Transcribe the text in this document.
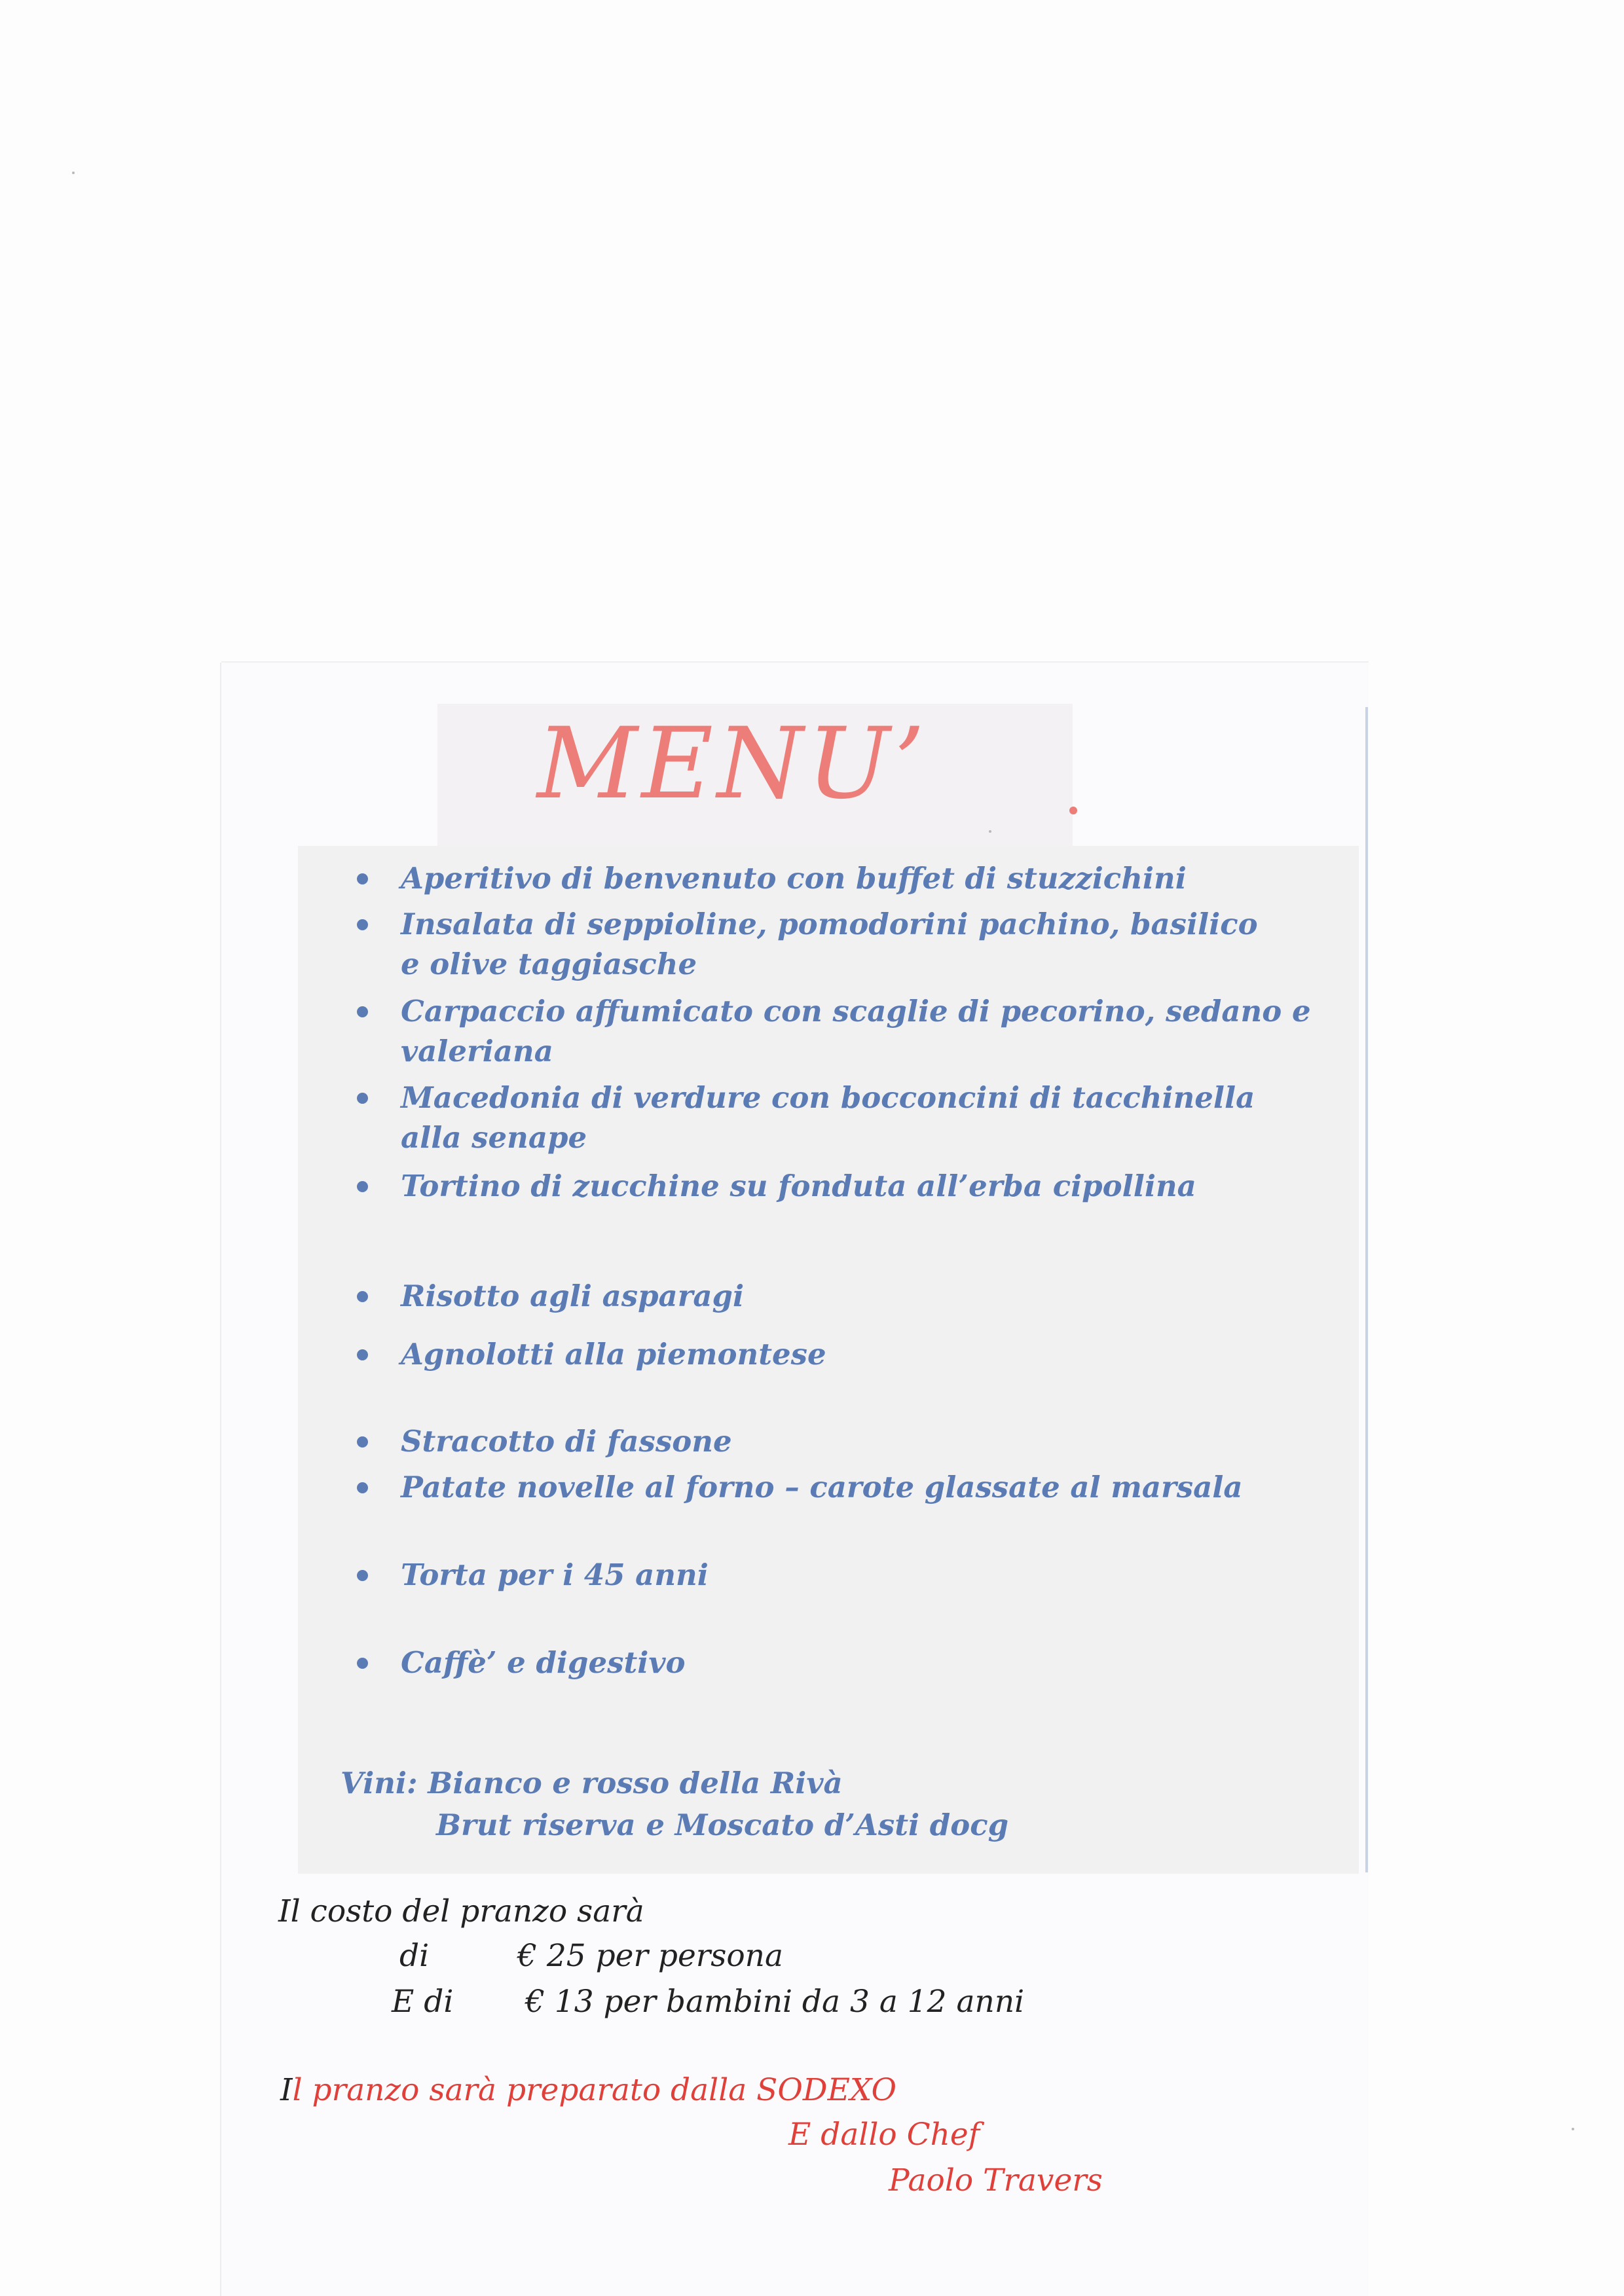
MENU’
Aperitivo di benvenuto con buffet di stuzzichini
Insalata di seppioline, pomodorini pachino, basilico
e olive taggiasche
Carpaccio affumicato con scaglie di pecorino, sedano e
valeriana
Macedonia di verdure con bocconcini di tacchinella
alla senape
Tortino di zucchine su fonduta all’erba cipollina
Risotto agli asparagi
Agnolotti alla piemontese
Stracotto di fassone
Patate novelle al forno – carote glassate al marsala
Torta per i 45 anni
Caffè’ e digestivo
Vini: Bianco e rosso della Rivà
Brut riserva e Moscato d’Asti docg
Il costo del pranzo sarà
di	€ 25 per persona
E di € 13 per bambini da 3 a 12 anni
Il pranzo sarà preparato dalla SODEXO
E dallo Chef
Paolo Travers
